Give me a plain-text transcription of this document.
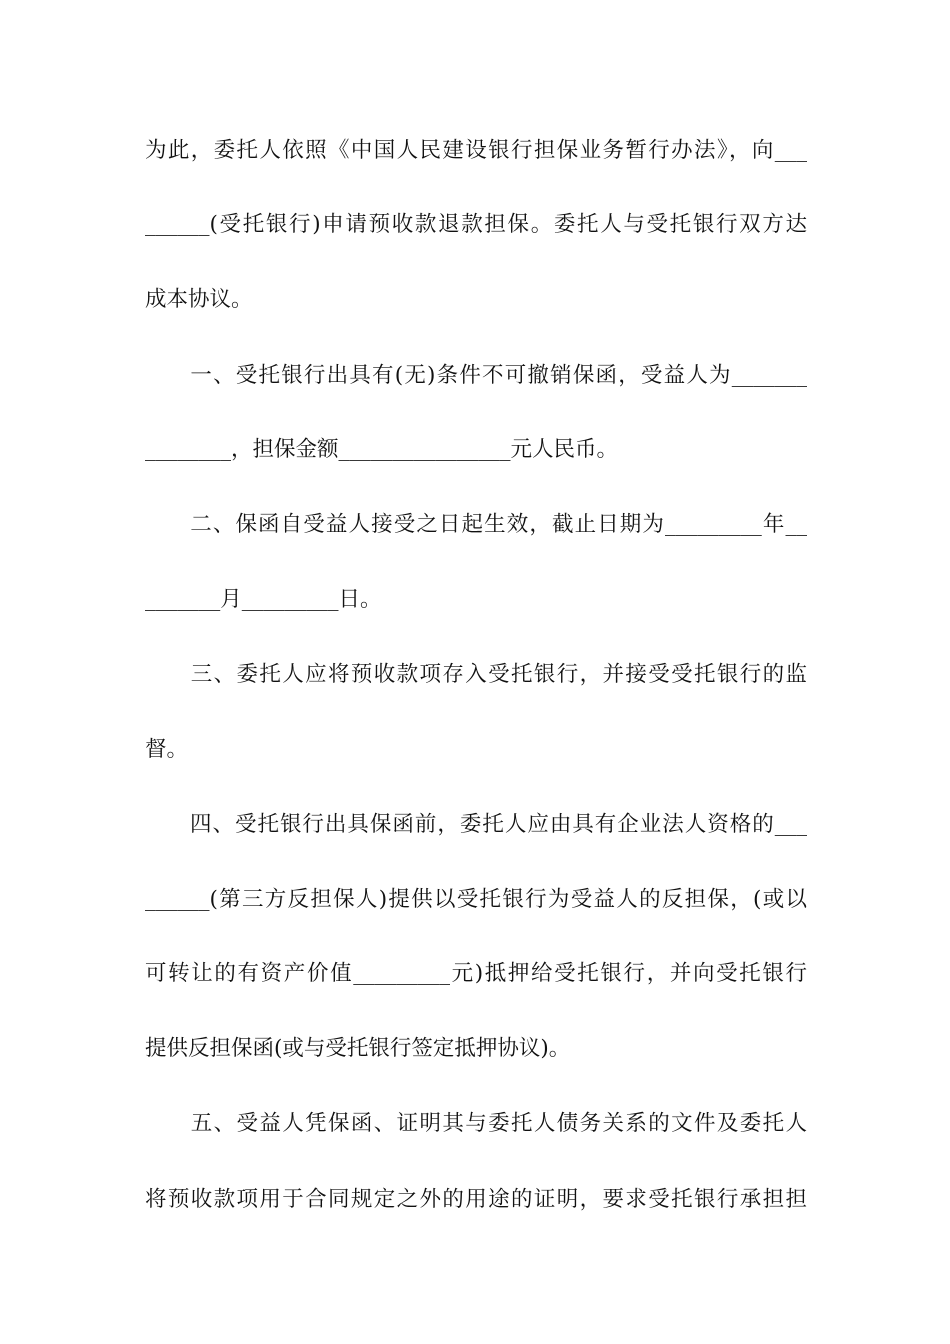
为此，委托人依照《中国人民建设银行担保业务暂行办法》，向___
______(受托银行)申请预收款退款担保。委托人与受托银行双方达
成本协议。
　　一、受托银行出具有(无)条件不可撤销保函，受益人为_______
________，担保金额________________元人民币。
　　二、保函自受益人接受之日起生效，截止日期为_________年__
_______月_________日。
　　三、委托人应将预收款项存入受托银行，并接受受托银行的监
督。
　　四、受托银行出具保函前，委托人应由具有企业法人资格的___
______(第三方反担保人)提供以受托银行为受益人的反担保，(或以
可转让的有资产价值_________元)抵押给受托银行，并向受托银行
提供反担保函(或与受托银行签定抵押协议)。
　　五、受益人凭保函、证明其与委托人债务关系的文件及委托人
将预收款项用于合同规定之外的用途的证明，要求受托银行承担担
